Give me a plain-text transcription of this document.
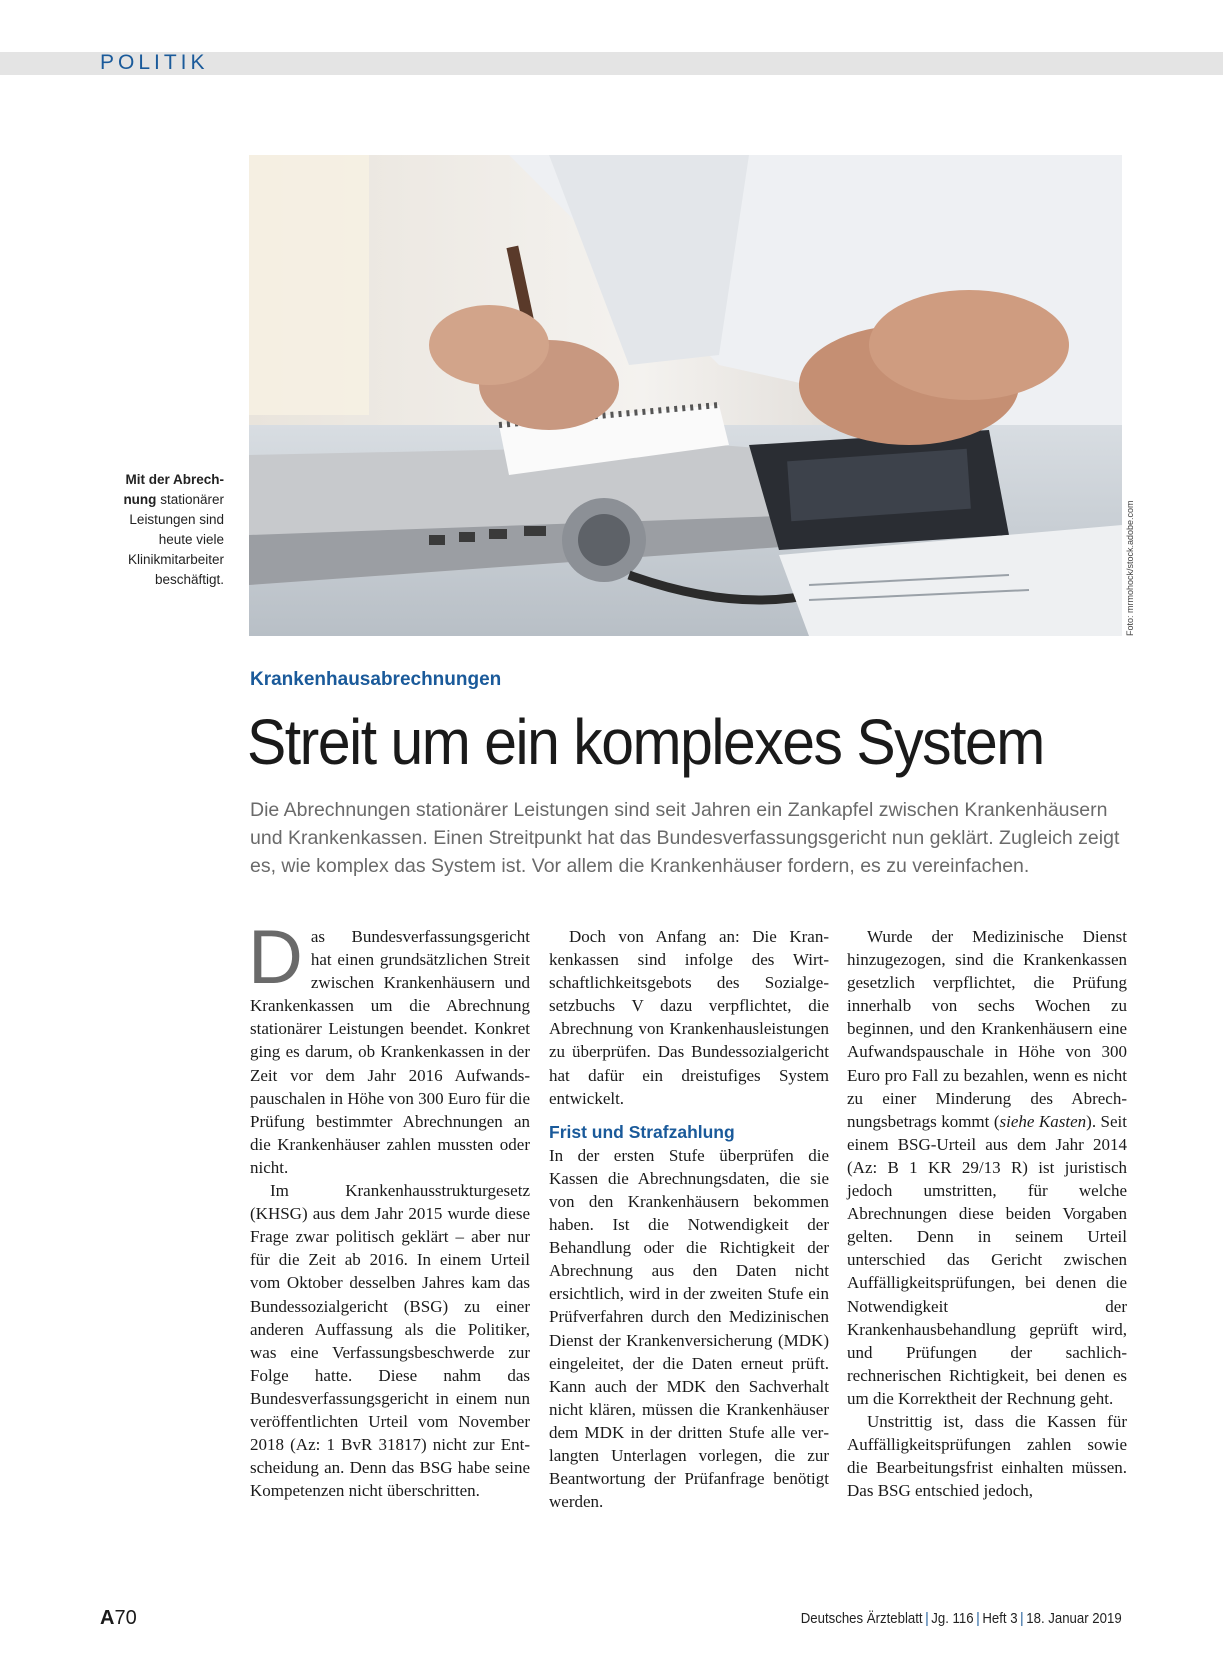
POLITIK
Mit der Abrech-nung stationärer Leistungen sind heute viele Klinikmitarbeiter beschäftigt.	Foto: mrmohock/stock.adobe.com
Krankenhausabrechnungen
Streit um ein komplexes System
Die Abrechnungen stationärer Leistungen sind seit Jahren ein Zankapfel zwischen Krankenhäusern und Krankenkassen. Einen Streitpunkt hat das Bundesverfassungsgericht nun geklärt. Zugleich zeigt es, wie komplex das System ist. Vor allem die Krankenhäuser fordern, es zu vereinfachen.

Das Bundesverfassungsgericht hat einen grundsätzlichen Streit zwischen Krankenhäusern und Krankenkassen um die Abrechnung stationärer Leistungen beendet. Konkret ging es darum, ob Krankenkassen in der Zeit vor dem Jahr 2016 Aufwandspauschalen in Höhe von 300 Euro für die Prüfung bestimmter Abrechnungen an die Krankenhäuser zahlen mussten oder nicht.

Im Krankenhausstrukturgesetz (KHSG) aus dem Jahr 2015 wurde diese Frage zwar politisch geklärt – aber nur für die Zeit ab 2016. In einem Urteil vom Oktober desselben Jahres kam das Bundessozialgericht (BSG) zu einer anderen Auffassung als die Politiker, was eine Verfassungsbeschwerde zur Folge hatte. Diese nahm das Bundesverfassungsgericht in einem nun veröffentlichten Urteil vom November 2018 (Az: 1 BvR 31817) nicht zur Entscheidung an. Denn das BSG habe seine Kompetenzen nicht überschritten.

Doch von Anfang an: Die Krankenkassen sind infolge des Wirtschaftlichkeitsgebots des Sozialgesetzbuchs V dazu verpflichtet, die Abrechnung von Krankenhausleistungen zu überprüfen. Das Bundessozialgericht hat dafür ein dreistufiges System entwickelt.

Frist und Strafzahlung

In der ersten Stufe überprüfen die Kassen die Abrechnungsdaten, die sie von den Krankenhäusern bekommen haben. Ist die Notwendigkeit der Behandlung oder die Richtigkeit der Abrechnung aus den Daten nicht ersichtlich, wird in der zweiten Stufe ein Prüfverfahren durch den Medizinischen Dienst der Krankenversicherung (MDK) eingeleitet, der die Daten erneut prüft. Kann auch der MDK den Sachverhalt nicht klären, müssen die Krankenhäuser dem MDK in der dritten Stufe alle verlangten Unterlagen vorlegen, die zur Beantwortung der Prüfanfrage benötigt werden.

Wurde der Medizinische Dienst hinzugezogen, sind die Krankenkassen gesetzlich verpflichtet, die Prüfung innerhalb von sechs Wochen zu beginnen, und den Krankenhäusern eine Aufwandspauschale in Höhe von 300 Euro pro Fall zu bezahlen, wenn es nicht zu einer Minderung des Abrechnungsbetrags kommt (siehe Kasten). Seit einem BSG-Urteil aus dem Jahr 2014 (Az: B 1 KR 29/13 R) ist juristisch jedoch umstritten, für welche Abrechnungen diese beiden Vorgaben gelten. Denn in seinem Urteil unterschied das Gericht zwischen Auffälligkeitsprüfungen, bei denen die Notwendigkeit der Krankenhausbehandlung geprüft wird, und Prüfungen der sachlich-rechnerischen Richtigkeit, bei denen es um die Korrektheit der Rechnung geht.

Unstrittig ist, dass die Kassen für Auffälligkeitsprüfungen zahlen sowie die Bearbeitungsfrist einhalten müssen. Das BSG entschied jedoch,

A70	Deutsches Ärzteblatt | Jg. 116 | Heft 3 | 18. Januar 2019
